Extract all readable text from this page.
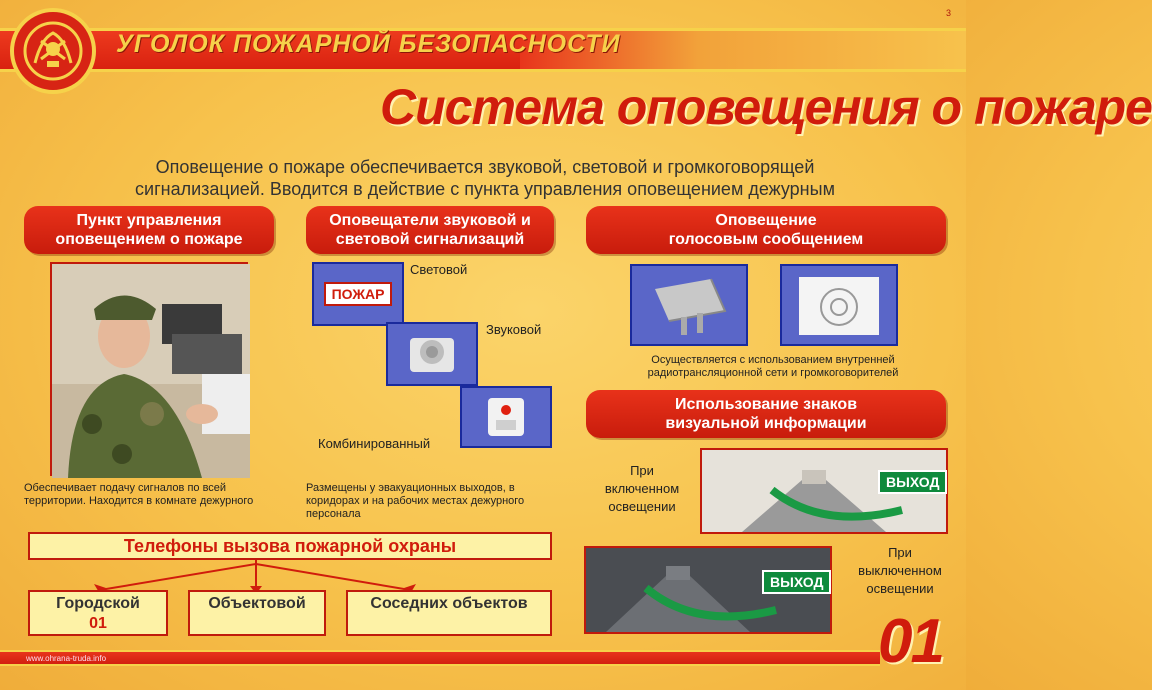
УГОЛОК ПОЖАРНОЙ БЕЗОПАСНОСТИ
3
Система оповещения о пожаре
Оповещение о пожаре обеспечивается звуковой, световой и громкоговорящей
сигнализацией. Вводится в действие с пункта управления оповещением дежурным
Пункт управления
оповещением о пожаре
Обеспечивает подачу сигналов по всей территории. Находится в комнате дежурного
Оповещатели звуковой и
световой сигнализаций
ПОЖАР
Световой
Звуковой
Комбинированный
Размещены у эвакуационных выходов, в коридорах и на рабочих местах дежурного персонала
Оповещение
голосовым сообщением
Осуществляется с использованием внутренней
радиотрансляционной сети и громкоговорителей
Использование знаков
визуальной информации
При
включенном
освещении
ВЫХОД
ВЫХОД
При
выключенном
освещении
Телефоны вызова пожарной охраны
Городской
01
Объектовой	Соседних объектов
www.ohrana-truda.info	01
